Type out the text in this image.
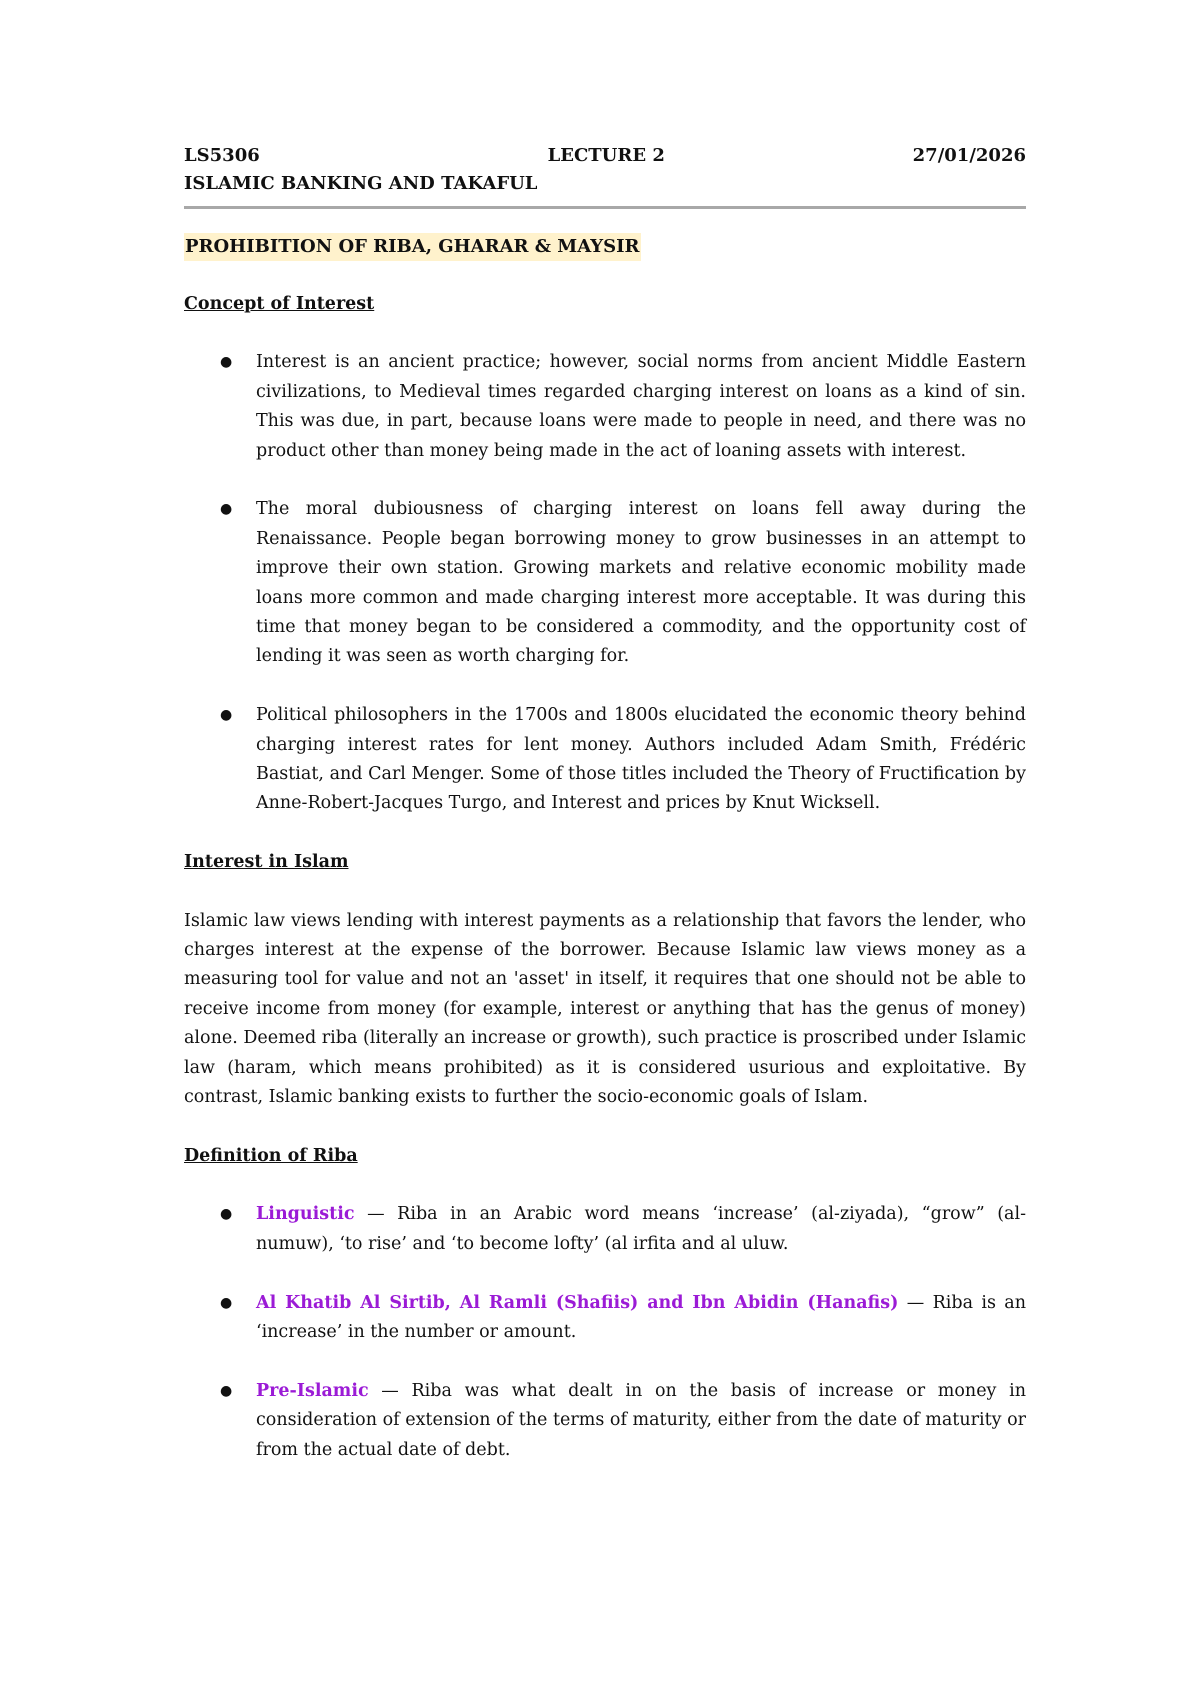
LS5306	LECTURE 2	27/01/2026
ISLAMIC BANKING AND TAKAFUL
PROHIBITION OF RIBA, GHARAR & MAYSIR
Concept of Interest
● Interest is an ancient practice; however, social norms from ancient Middle Eastern civilizations, to Medieval times regarded charging interest on loans as a kind of sin. This was due, in part, because loans were made to people in need, and there was no product other than money being made in the act of loaning assets with interest.
● The moral dubiousness of charging interest on loans fell away during the Renaissance. People began borrowing money to grow businesses in an attempt to improve their own station. Growing markets and relative economic mobility made loans more common and made charging interest more acceptable. It was during this time that money began to be considered a commodity, and the opportunity cost of lending it was seen as worth charging for.
● Political philosophers in the 1700s and 1800s elucidated the economic theory behind charging interest rates for lent money. Authors included Adam Smith, Frédéric Bastiat, and Carl Menger. Some of those titles included the Theory of Fructification by Anne-Robert-Jacques Turgo, and Interest and prices by Knut Wicksell.
Interest in Islam

Islamic law views lending with interest payments as a relationship that favors the lender, who charges interest at the expense of the borrower. Because Islamic law views money as a measuring tool for value and not an 'asset' in itself, it requires that one should not be able to receive income from money (for example, interest or anything that has the genus of money) alone. Deemed riba (literally an increase or growth), such practice is proscribed under Islamic law (haram, which means prohibited) as it is considered usurious and exploitative. By contrast, Islamic banking exists to further the socio-economic goals of Islam.

Definition of Riba
● Linguistic — Riba in an Arabic word means ‘increase’ (al-ziyada), “grow” (al-numuw), ‘to rise’ and ‘to become lofty’ (al irfita and al uluw.
● Al Khatib Al Sirtib, Al Ramli (Shafiis) and Ibn Abidin (Hanafis) — Riba is an ‘increase’ in the number or amount.
● Pre-Islamic — Riba was what dealt in on the basis of increase or money in consideration of extension of the terms of maturity, either from the date of maturity or from the actual date of debt.
